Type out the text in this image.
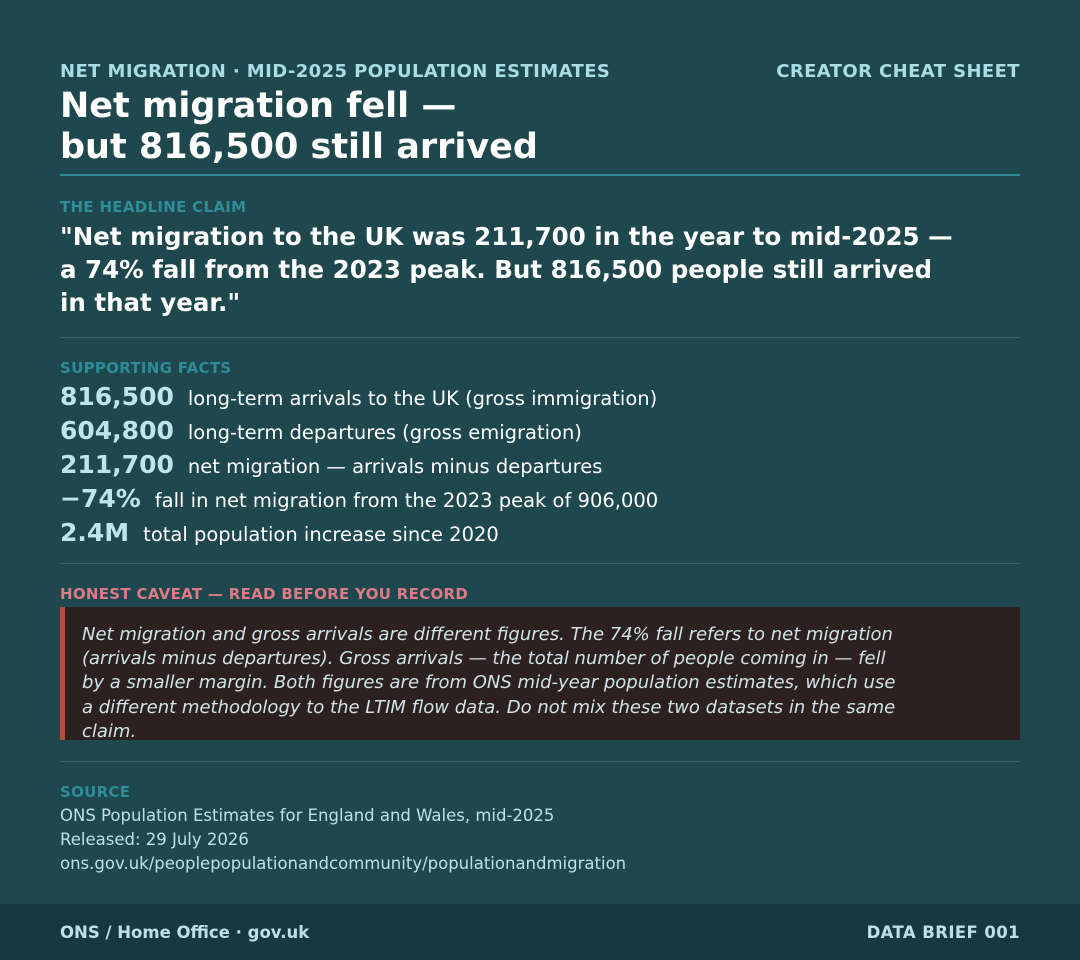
NET MIGRATION · MID-2025 POPULATION ESTIMATES	CREATOR CHEAT SHEET
Net migration fell —
but 816,500 still arrived
THE HEADLINE CLAIM
"Net migration to the UK was 211,700 in the year to mid-2025 —
a 74% fall from the 2023 peak. But 816,500 people still arrived
in that year."
SUPPORTING FACTS
816,500 long-term arrivals to the UK (gross immigration)
604,800 long-term departures (gross emigration)
211,700 net migration — arrivals minus departures
−74% fall in net migration from the 2023 peak of 906,000
2.4M total population increase since 2020
HONEST CAVEAT — READ BEFORE YOU RECORD
Net migration and gross arrivals are different figures. The 74% fall refers to net migration
(arrivals minus departures). Gross arrivals — the total number of people coming in — fell
by a smaller margin. Both figures are from ONS mid-year population estimates, which use
a different methodology to the LTIM flow data. Do not mix these two datasets in the same
claim.
SOURCE
ONS Population Estimates for England and Wales, mid-2025
Released: 29 July 2026
ons.gov.uk/peoplepopulationandcommunity/populationandmigration
ONS / Home Office · gov.uk	DATA BRIEF 001
